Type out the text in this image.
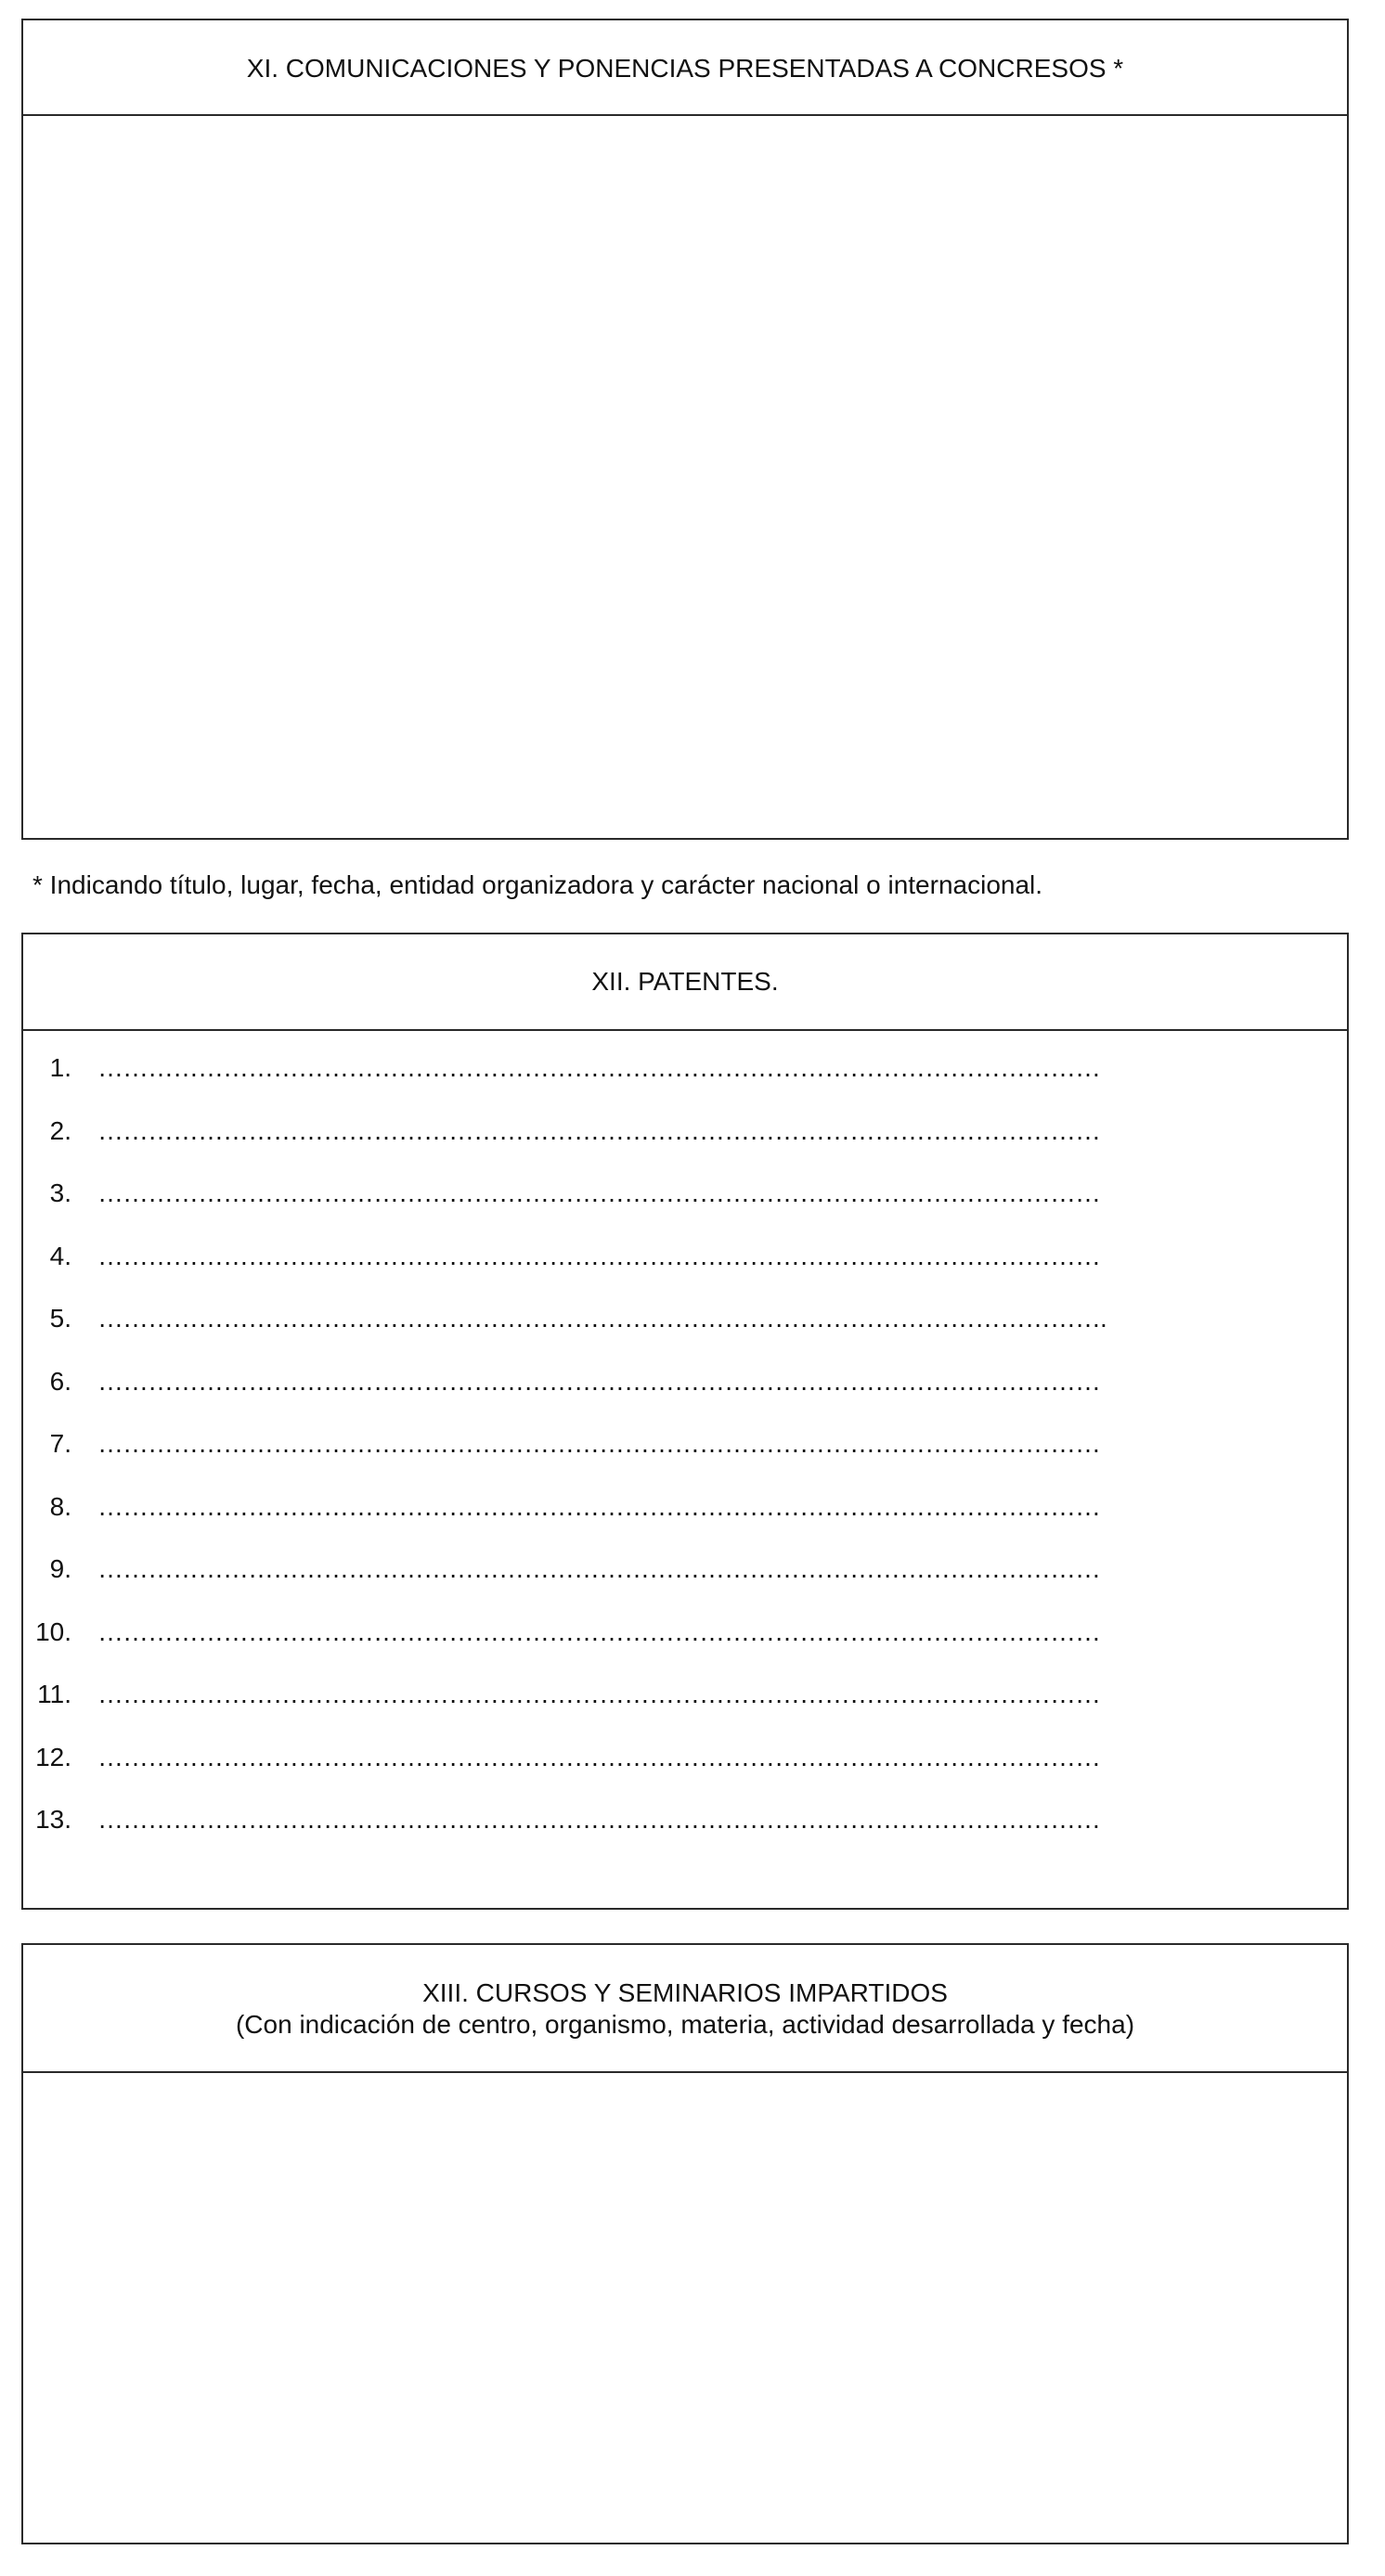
XI. COMUNICACIONES Y PONENCIAS PRESENTADAS A CONCRESOS *
* Indicando título, lugar, fecha, entidad organizadora y carácter nacional o internacional.
XII. PATENTES.
1. …………………………………………………………………………………………………………
2. …………………………………………………………………………………………………………
3. …………………………………………………………………………………………………………
4. …………………………………………………………………………………………………………
5. ………………………………………………………………………………………………………….
6. …………………………………………………………………………………………………………
7. …………………………………………………………………………………………………………
8. …………………………………………………………………………………………………………
9. …………………………………………………………………………………………………………
10. …………………………………………………………………………………………………………
11. …………………………………………………………………………………………………………
12. …………………………………………………………………………………………………………
13. …………………………………………………………………………………………………………
XIII. CURSOS Y SEMINARIOS IMPARTIDOS
(Con indicación de centro, organismo, materia, actividad desarrollada y fecha)
